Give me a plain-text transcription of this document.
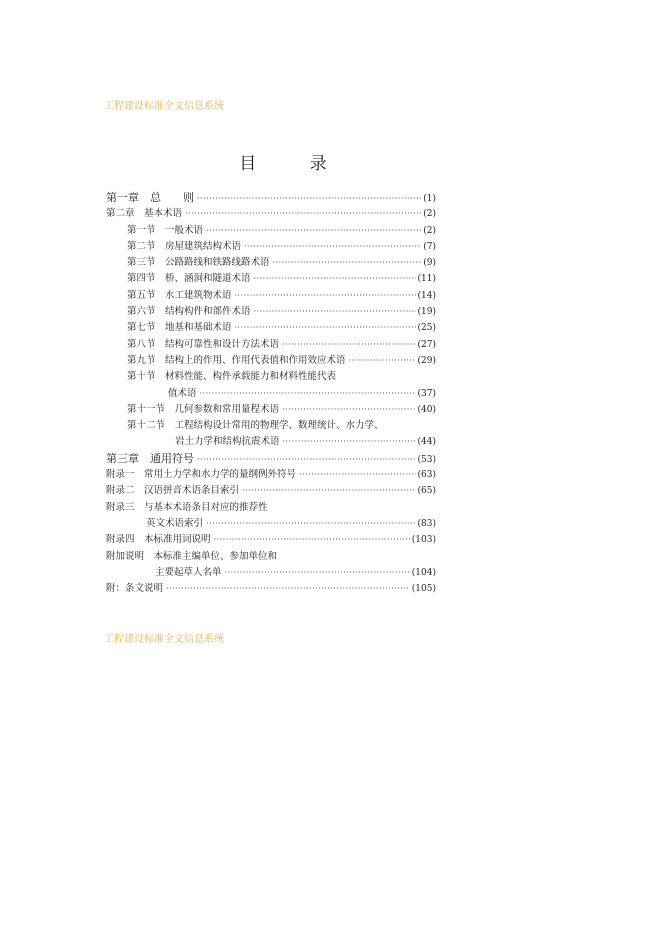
工程建设标准全文信息系统
目 录
第一章　总　　则 ·····	(1)
第二章　基本术语 ·····	(2)
第一节　一般术语 ·····	(2)
第二节　房屋建筑结构术语 ·····	(7)
第三节　公路路线和铁路线路术语 ·····	(9)
第四节　桥、涵洞和隧道术语 ·····	(11)
第五节　水工建筑物术语 ·····	(14)
第六节　结构构件和部件术语 ·····	(19)
第七节　地基和基础术语 ·····	(25)
第八节　结构可靠性和设计方法术语 ·····	(27)
第九节　结构上的作用、作用代表值和作用效应术语 ·····	(29)
第十节　材料性能、构件承载能力和材料性能代表
值术语 ·····	(37)
第十一节　几何参数和常用量程术语 ·····	(40)
第十二节　工程结构设计常用的物理学、数理统计、水力学、
岩土力学和结构抗震术语 ·····	(44)
第三章　通用符号 ·····	(53)
附录一　常用土力学和水力学的量纲例外符号 ·····	(63)
附录二　汉语拼音术语条目索引 ·····	(65)
附录三　与基本术语条目对应的推荐性
英文术语索引 ·····	(83)
附录四　本标准用词说明 ·····	(103)
附加说明　本标准主编单位、参加单位和
主要起草人名单 ·····	(104)
附：条文说明 ·····	(105)
工程建设标准全文信息系统
